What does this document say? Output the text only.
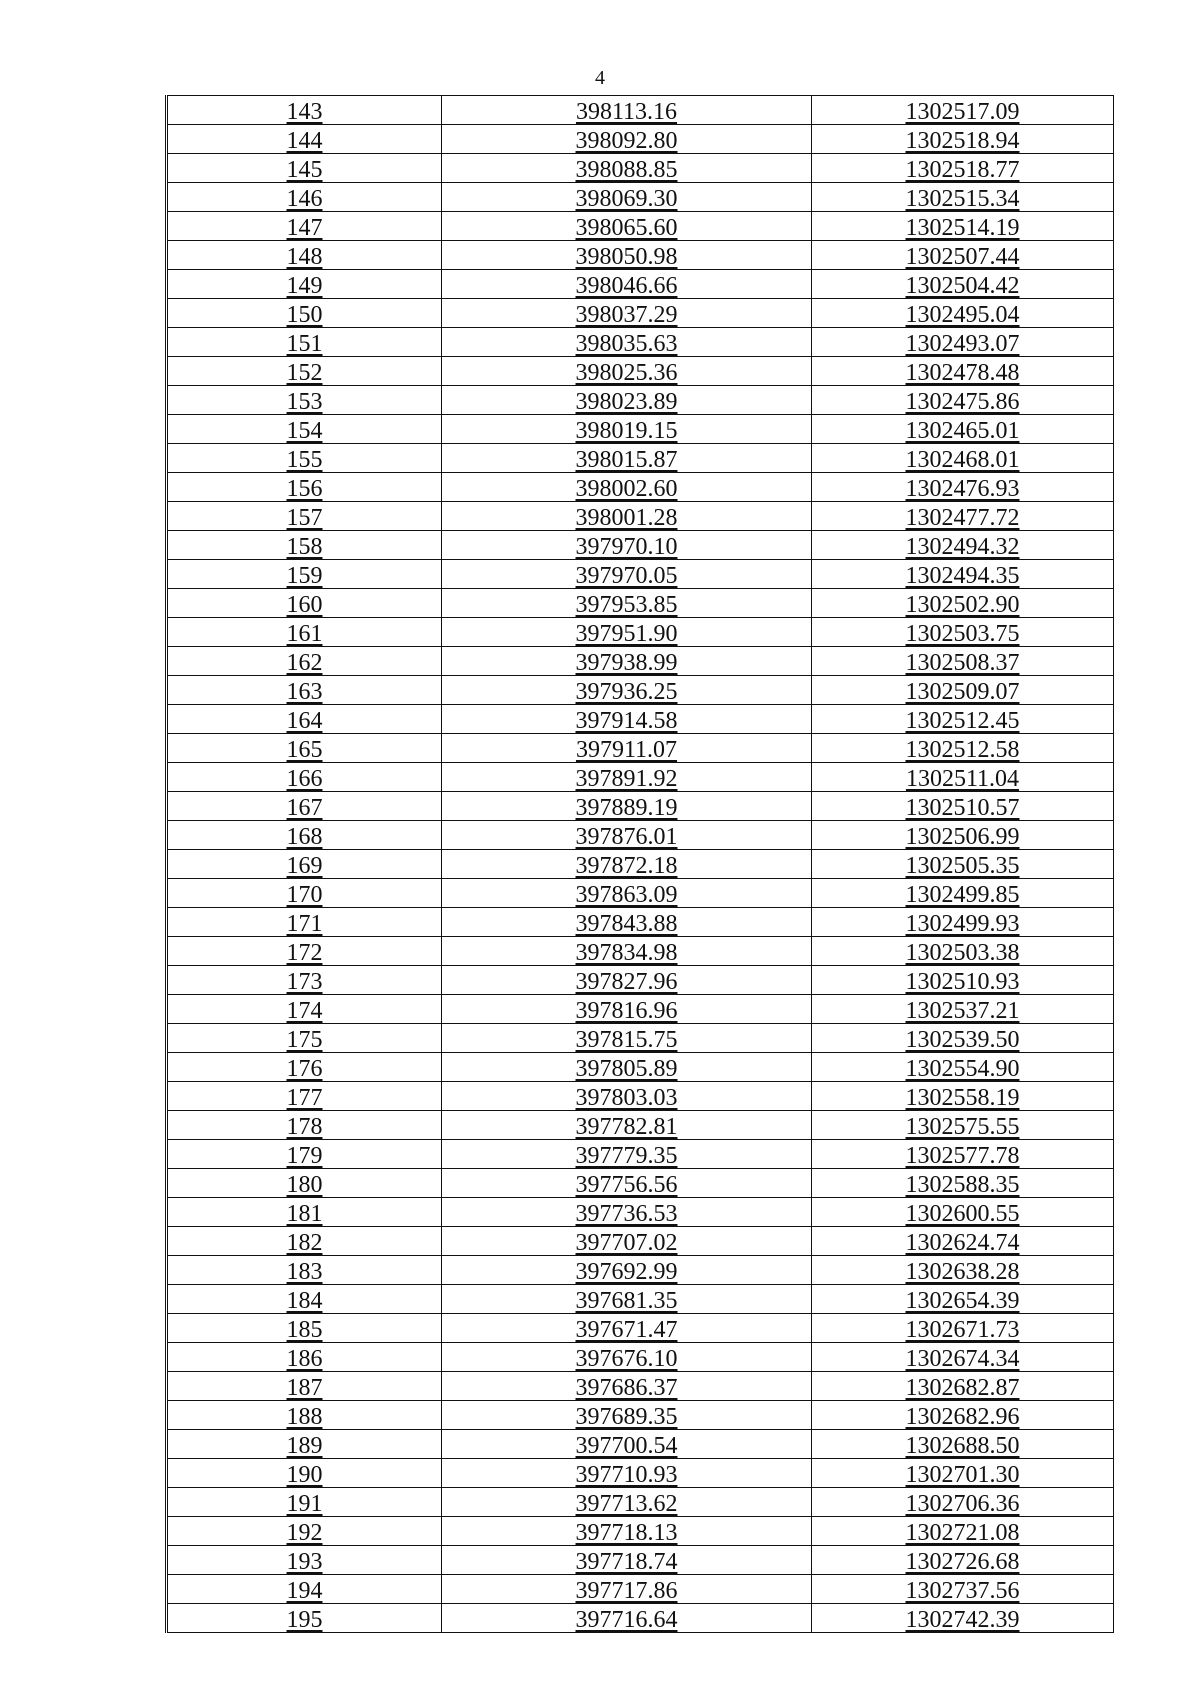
4
143	398113.16	1302517.09
144	398092.80	1302518.94
145	398088.85	1302518.77
146	398069.30	1302515.34
147	398065.60	1302514.19
148	398050.98	1302507.44
149	398046.66	1302504.42
150	398037.29	1302495.04
151	398035.63	1302493.07
152	398025.36	1302478.48
153	398023.89	1302475.86
154	398019.15	1302465.01
155	398015.87	1302468.01
156	398002.60	1302476.93
157	398001.28	1302477.72
158	397970.10	1302494.32
159	397970.05	1302494.35
160	397953.85	1302502.90
161	397951.90	1302503.75
162	397938.99	1302508.37
163	397936.25	1302509.07
164	397914.58	1302512.45
165	397911.07	1302512.58
166	397891.92	1302511.04
167	397889.19	1302510.57
168	397876.01	1302506.99
169	397872.18	1302505.35
170	397863.09	1302499.85
171	397843.88	1302499.93
172	397834.98	1302503.38
173	397827.96	1302510.93
174	397816.96	1302537.21
175	397815.75	1302539.50
176	397805.89	1302554.90
177	397803.03	1302558.19
178	397782.81	1302575.55
179	397779.35	1302577.78
180	397756.56	1302588.35
181	397736.53	1302600.55
182	397707.02	1302624.74
183	397692.99	1302638.28
184	397681.35	1302654.39
185	397671.47	1302671.73
186	397676.10	1302674.34
187	397686.37	1302682.87
188	397689.35	1302682.96
189	397700.54	1302688.50
190	397710.93	1302701.30
191	397713.62	1302706.36
192	397718.13	1302721.08
193	397718.74	1302726.68
194	397717.86	1302737.56
195	397716.64	1302742.39
